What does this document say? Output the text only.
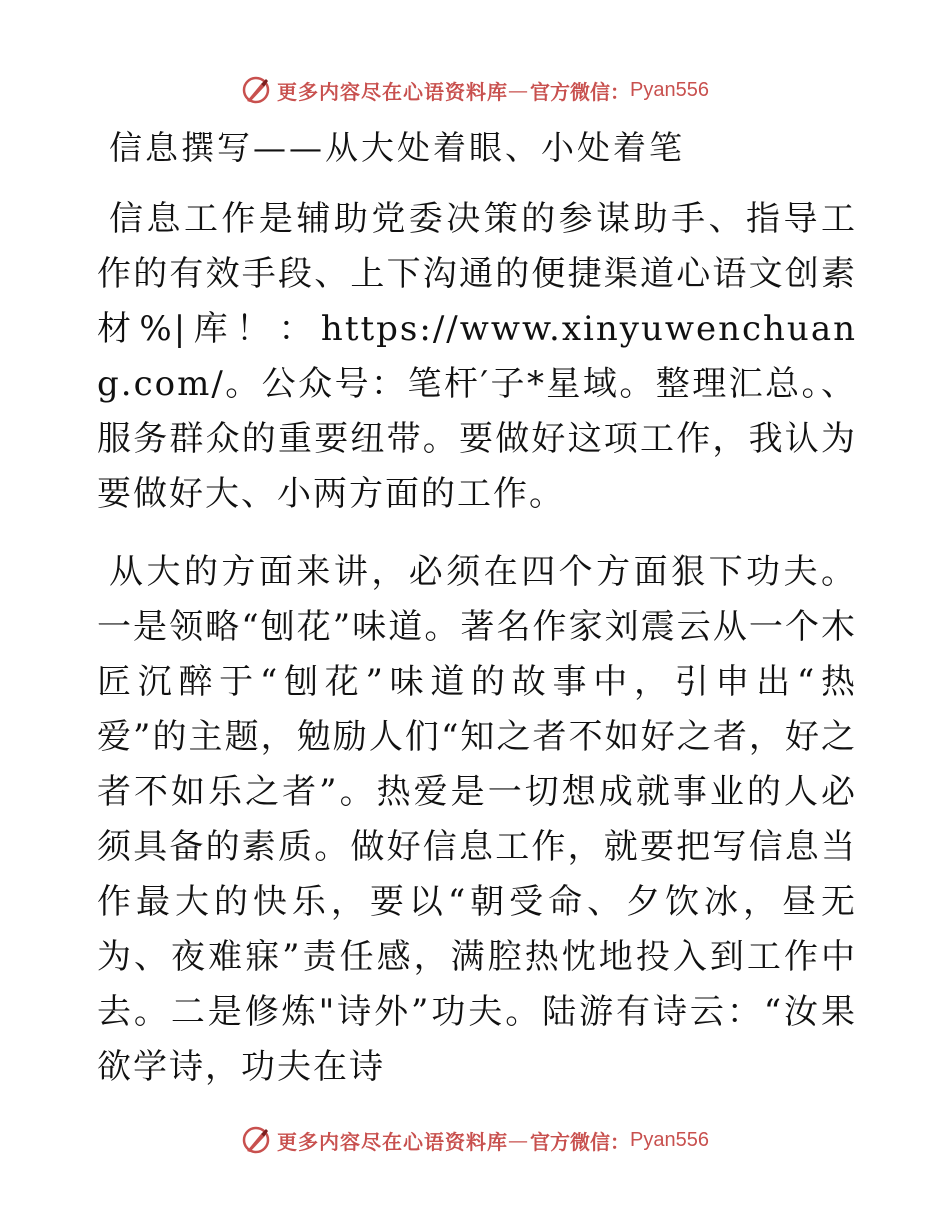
更多内容尽在心语资料库 — 官方微信： Pyan556
信息撰写——从大处着眼、小处着笔

信息工作是辅助党委决策的参谋助手、指导工作的有效手段、上下沟通的便捷渠道心语文创素材%|库！：https://www.xinyuwenchuang.com/。公众号：笔杆′子*星域。整理汇总。、服务群众的重要纽带。要做好这项工作，我认为要做好大、小两方面的工作。

从大的方面来讲，必须在四个方面狠下功夫。一是领略“刨花”味道。著名作家刘震云从一个木匠沉醉于“刨花”味道的故事中，引申出“热爱”的主题，勉励人们“知之者不如好之者，好之者不如乐之者”。热爱是一切想成就事业的人必须具备的素质。做好信息工作，就要把写信息当作最大的快乐，要以“朝受命、夕饮冰，昼无为、夜难寐”责任感，满腔热忱地投入到工作中去。二是修炼"诗外”功夫。陆游有诗云：“汝果欲学诗，功夫在诗

更多内容尽在心语资料库 — 官方微信： Pyan556
